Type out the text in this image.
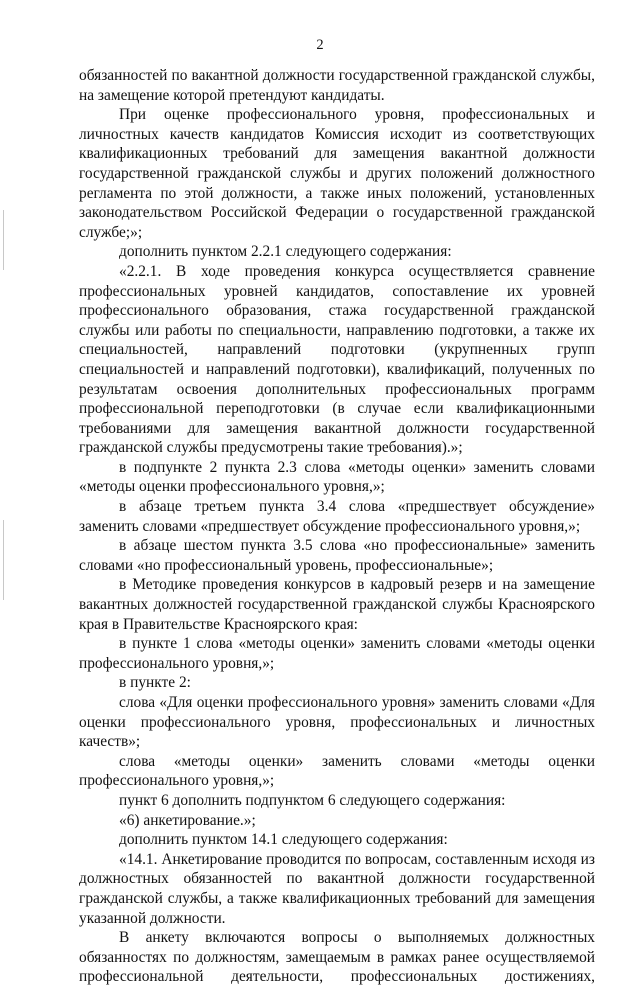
2

обязанностей по вакантной должности государственной гражданской службы, на замещение которой претендуют кандидаты.

При оценке профессионального уровня, профессиональных и личностных качеств кандидатов Комиссия исходит из соответствующих квалификационных требований для замещения вакантной должности государственной гражданской службы и других положений должностного регламента по этой должности, а также иных положений, установленных законодательством Российской Федерации о государственной гражданской службе;»;

дополнить пунктом 2.2.1 следующего содержания:

«2.2.1. В ходе проведения конкурса осуществляется сравнение профессиональных уровней кандидатов, сопоставление их уровней профессионального образования, стажа государственной гражданской службы или работы по специальности, направлению подготовки, а также их специальностей, направлений подготовки (укрупненных групп специальностей и направлений подготовки), квалификаций, полученных по результатам освоения дополнительных профессиональных программ профессиональной переподготовки (в случае если квалификационными требованиями для замещения вакантной должности государственной гражданской службы предусмотрены такие требования).»;

в подпункте 2 пункта 2.3 слова «методы оценки» заменить словами «методы оценки профессионального уровня,»;

в абзаце третьем пункта 3.4 слова «предшествует обсуждение» заменить словами «предшествует обсуждение профессионального уровня,»;

в абзаце шестом пункта 3.5 слова «но профессиональные» заменить словами «но профессиональный уровень, профессиональные»;

в Методике проведения конкурсов в кадровый резерв и на замещение вакантных должностей государственной гражданской службы Красноярского края в Правительстве Красноярского края:

в пункте 1 слова «методы оценки» заменить словами «методы оценки профессионального уровня,»;

в пункте 2:

слова «Для оценки профессионального уровня» заменить словами «Для оценки профессионального уровня, профессиональных и личностных качеств»;

слова «методы оценки» заменить словами «методы оценки профессионального уровня,»;

пункт 6 дополнить подпунктом 6 следующего содержания:

«6) анкетирование.»;

дополнить пунктом 14.1 следующего содержания:

«14.1. Анкетирование проводится по вопросам, составленным исходя из должностных обязанностей по вакантной должности государственной гражданской службы, а также квалификационных требований для замещения указанной должности.

В анкету включаются вопросы о выполняемых должностных обязанностях по должностям, замещаемым в рамках ранее осуществляемой профессиональной деятельности, профессиональных достижениях,
